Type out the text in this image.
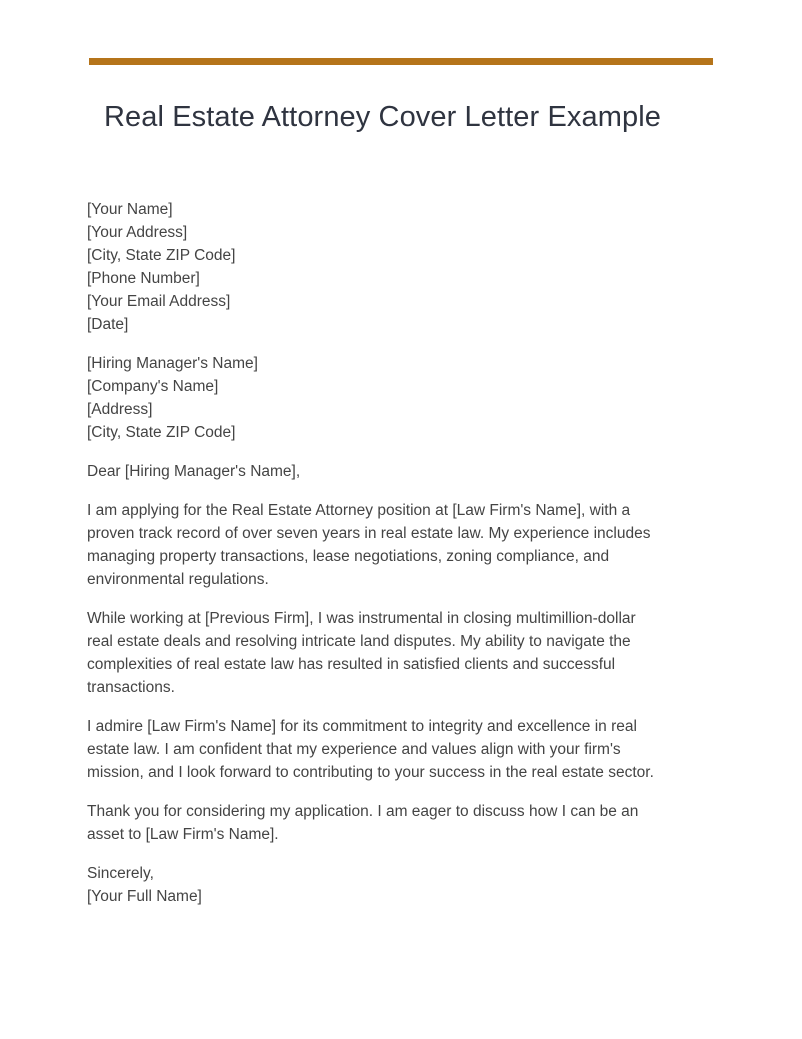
Real Estate Attorney Cover Letter Example
[Your Name]
[Your Address]
[City, State ZIP Code]
[Phone Number]
[Your Email Address]
[Date]
[Hiring Manager's Name]
[Company's Name]
[Address]
[City, State ZIP Code]
Dear [Hiring Manager's Name],
I am applying for the Real Estate Attorney position at [Law Firm's Name], with a
proven track record of over seven years in real estate law. My experience includes
managing property transactions, lease negotiations, zoning compliance, and
environmental regulations.
While working at [Previous Firm], I was instrumental in closing multimillion-dollar
real estate deals and resolving intricate land disputes. My ability to navigate the
complexities of real estate law has resulted in satisfied clients and successful
transactions.
I admire [Law Firm's Name] for its commitment to integrity and excellence in real
estate law. I am confident that my experience and values align with your firm's
mission, and I look forward to contributing to your success in the real estate sector.
Thank you for considering my application. I am eager to discuss how I can be an
asset to [Law Firm's Name].
Sincerely,
[Your Full Name]
